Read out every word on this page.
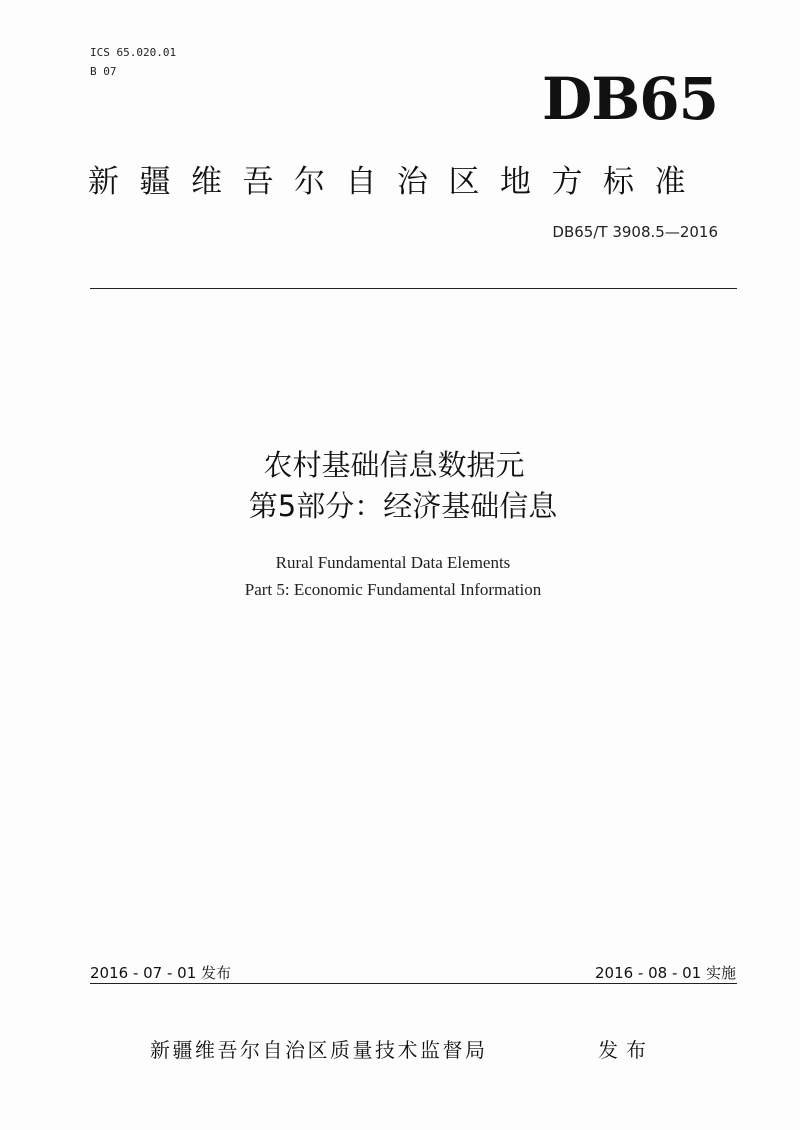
ICS 65.020.01
B 07	DB65
新疆维吾尔自治区地方标准
DB65/T 3908.5—2016
农村基础信息数据元
第5部分：经济基础信息
Rural Fundamental Data Elements
Part 5: Economic Fundamental Information
2016 - 07 - 01 发布	2016 - 08 - 01 实施
新疆维吾尔自治区质量技术监督局	发布
